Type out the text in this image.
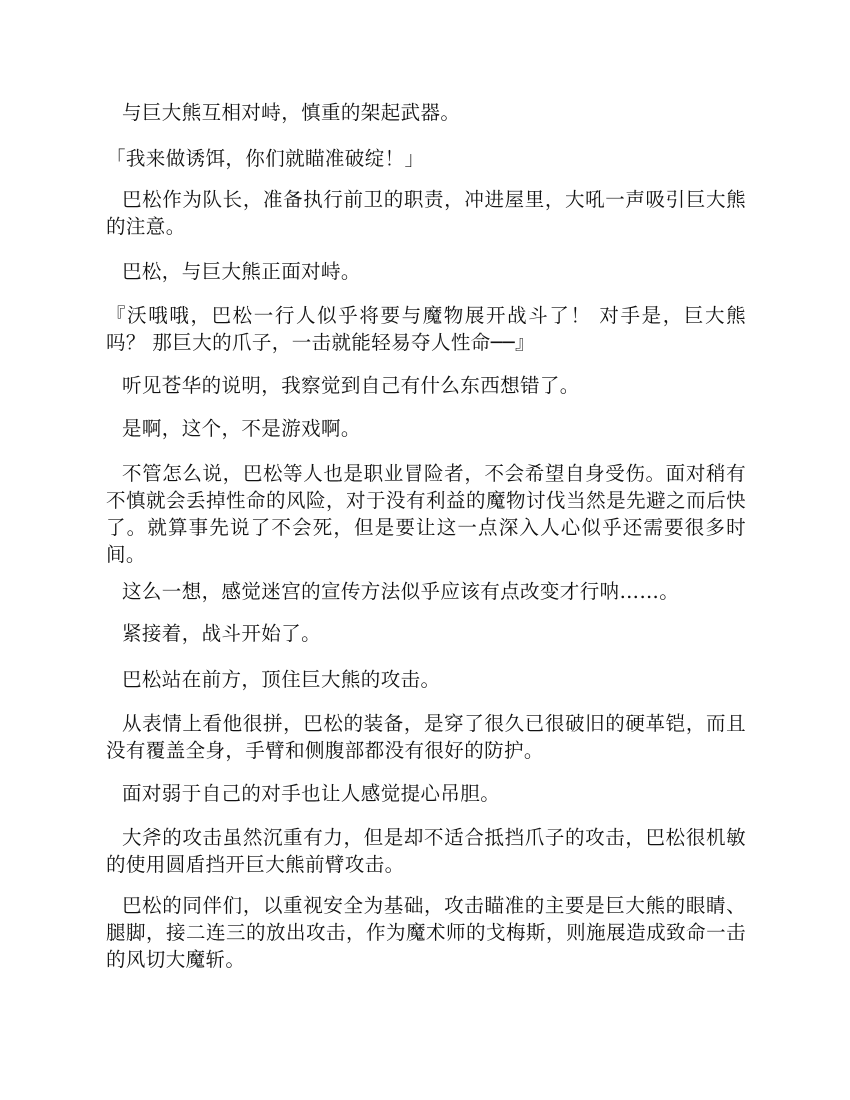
与巨大熊互相对峙，慎重的架起武器。
「我来做诱饵，你们就瞄准破绽！」
巴松作为队长，准备执行前卫的职责，冲进屋里，大吼一声吸引巨大熊的注意。
巴松，与巨大熊正面对峙。
『沃哦哦，巴松一行人似乎将要与魔物展开战斗了！ 对手是，巨大熊吗？ 那巨大的爪子，一击就能轻易夺人性命──』
听见苍华的说明，我察觉到自己有什么东西想错了。
是啊，这个，不是游戏啊。
不管怎么说，巴松等人也是职业冒险者，不会希望自身受伤。面对稍有不慎就会丢掉性命的风险，对于没有利益的魔物讨伐当然是先避之而后快了。就算事先说了不会死，但是要让这一点深入人心似乎还需要很多时间。
这么一想，感觉迷宫的宣传方法似乎应该有点改变才行呐……。
紧接着，战斗开始了。
巴松站在前方，顶住巨大熊的攻击。
从表情上看他很拼，巴松的装备，是穿了很久已很破旧的硬革铠，而且没有覆盖全身，手臂和侧腹部都没有很好的防护。
面对弱于自己的对手也让人感觉提心吊胆。
大斧的攻击虽然沉重有力，但是却不适合抵挡爪子的攻击，巴松很机敏的使用圆盾挡开巨大熊前臂攻击。
巴松的同伴们，以重视安全为基础，攻击瞄准的主要是巨大熊的眼睛、腿脚，接二连三的放出攻击，作为魔术师的戈梅斯，则施展造成致命一击的风切大魔斩。
